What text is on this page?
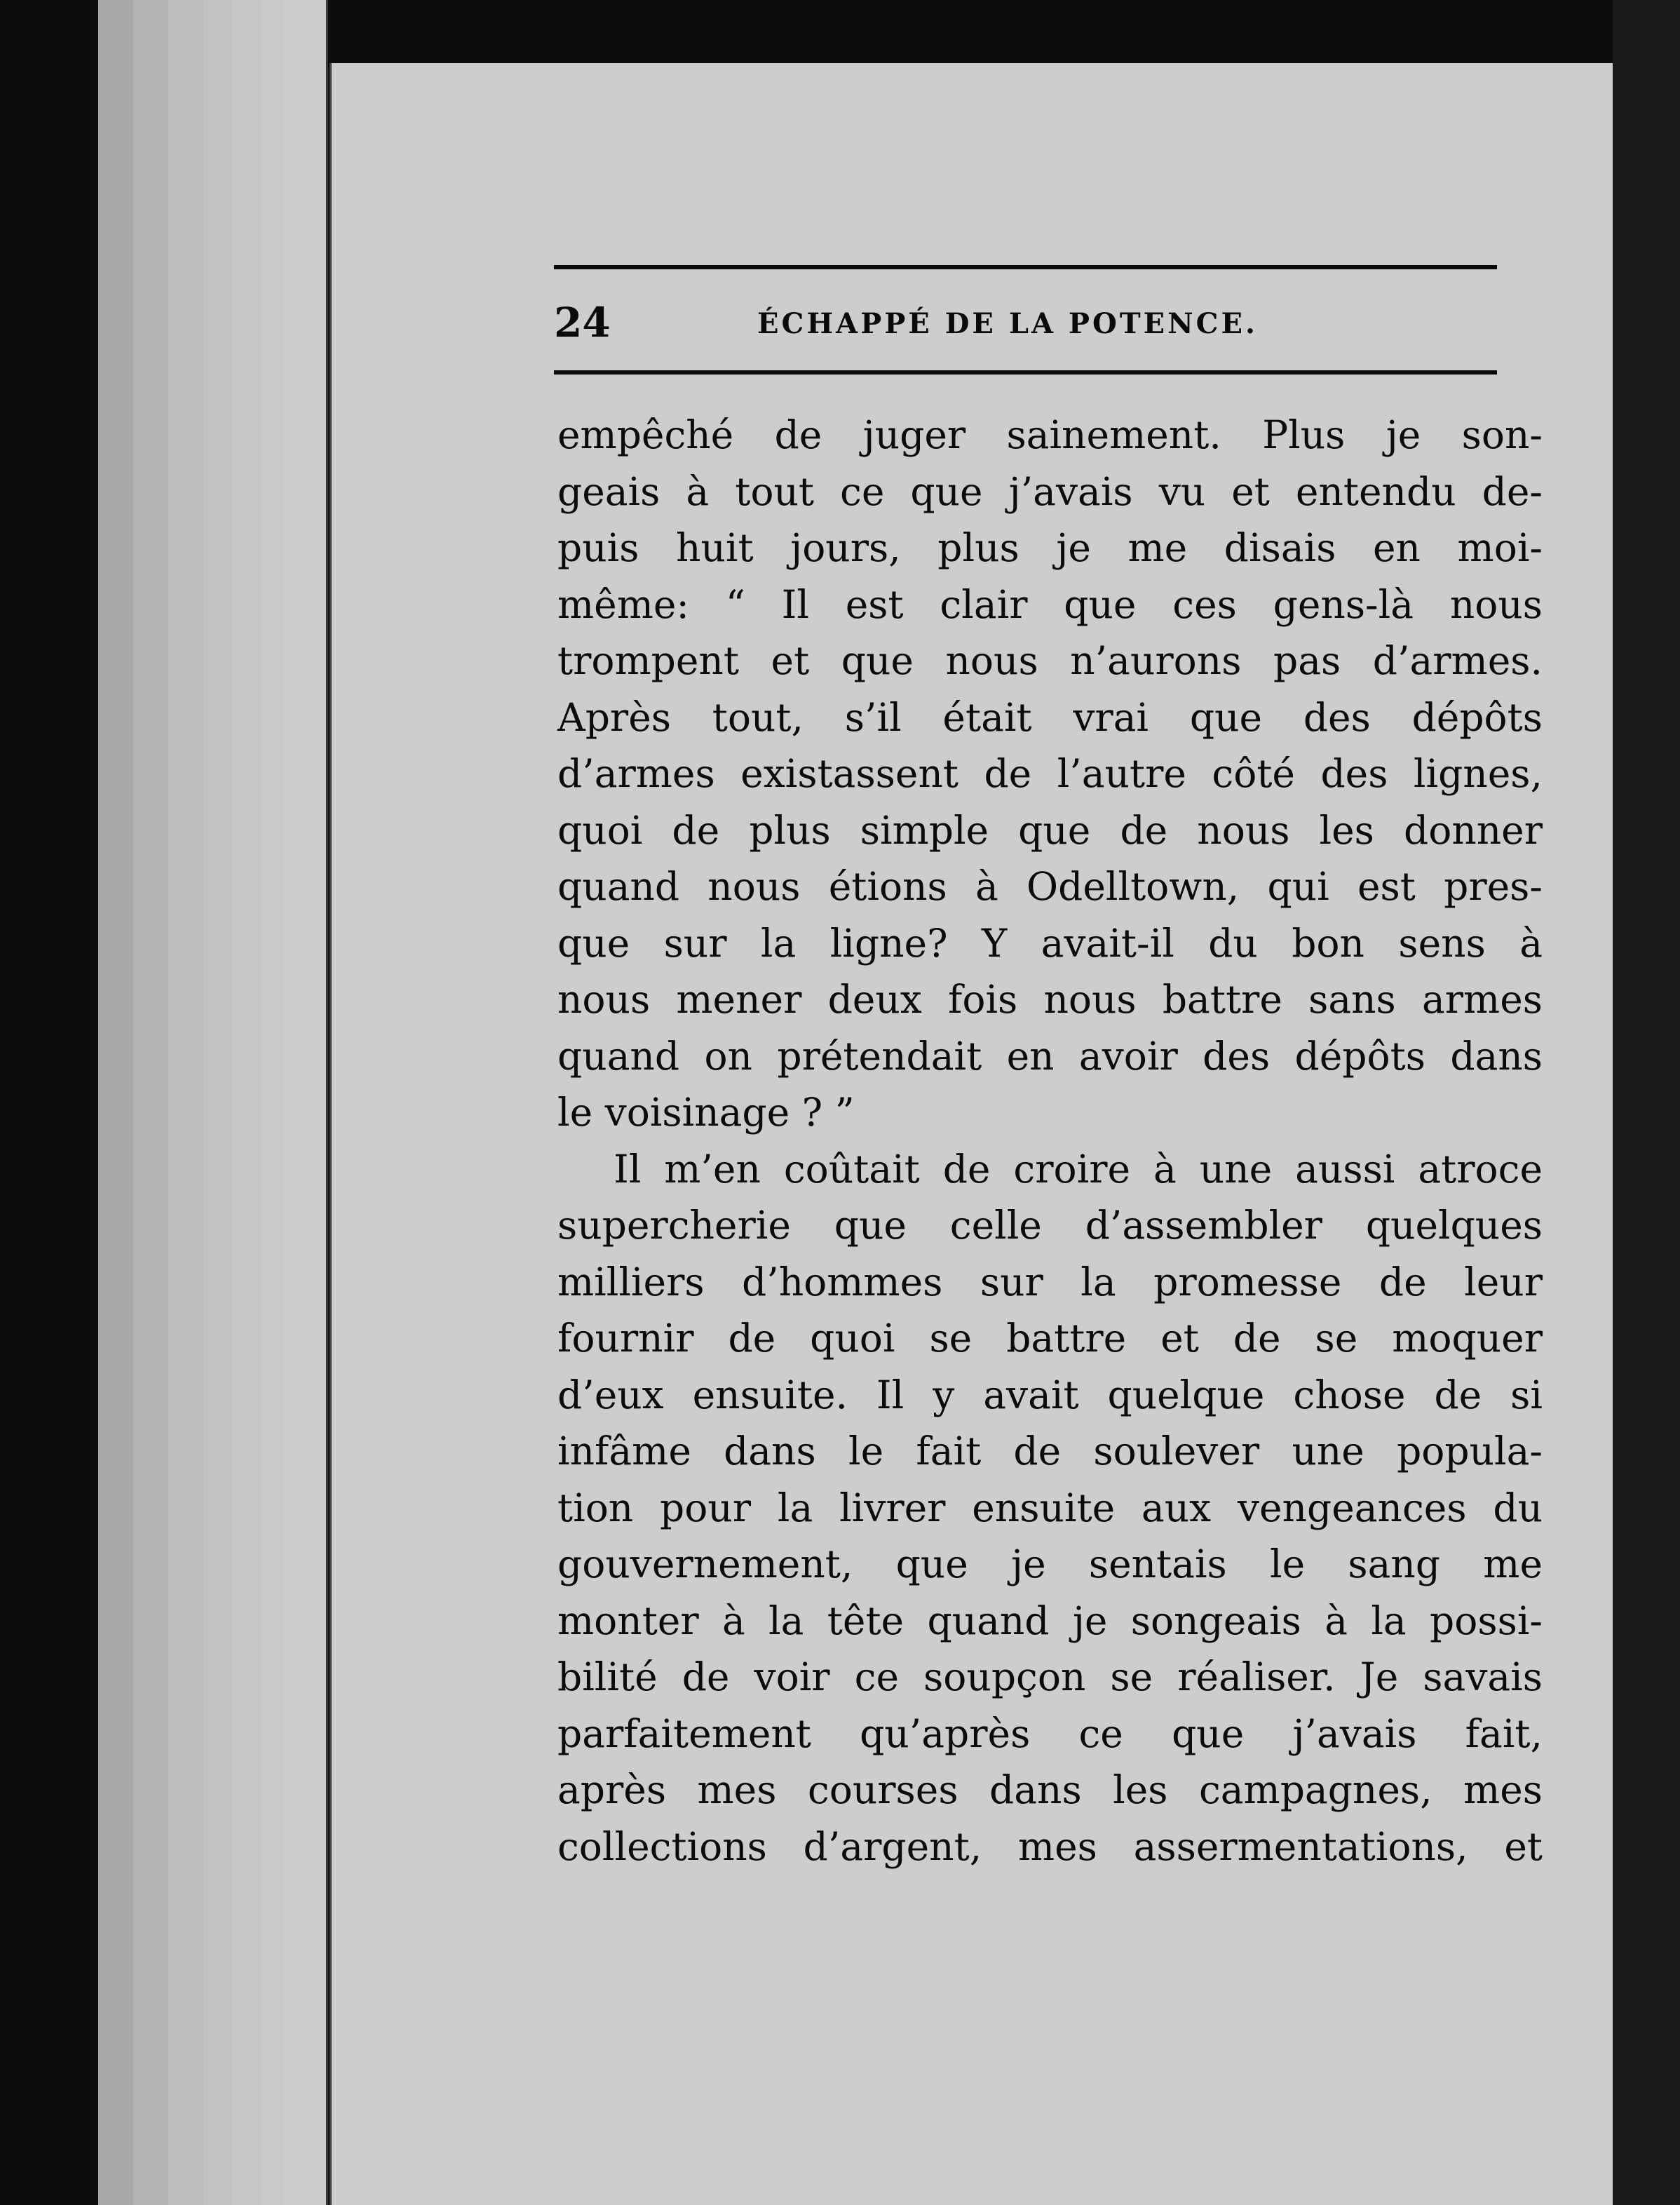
24	ÉCHAPPÉ DE LA POTENCE.
empêché de juger sainement. Plus je son-
geais à tout ce que j’avais vu et entendu de-
puis huit jours, plus je me disais en moi-
même: “ Il est clair que ces gens-là nous
trompent et que nous n’aurons pas d’armes.
Après tout, s’il était vrai que des dépôts
d’armes existassent de l’autre côté des lignes,
quoi de plus simple que de nous les donner
quand nous étions à Odelltown, qui est pres-
que sur la ligne? Y avait-il du bon sens à
nous mener deux fois nous battre sans armes
quand on prétendait en avoir des dépôts dans
le voisinage ? ”
Il m’en coûtait de croire à une aussi atroce
supercherie que celle d’assembler quelques
milliers d’hommes sur la promesse de leur
fournir de quoi se battre et de se moquer
d’eux ensuite. Il y avait quelque chose de si
infâme dans le fait de soulever une popula-
tion pour la livrer ensuite aux vengeances du
gouvernement, que je sentais le sang me
monter à la tête quand je songeais à la possi-
bilité de voir ce soupçon se réaliser. Je savais
parfaitement qu’après ce que j’avais fait,
après mes courses dans les campagnes, mes
collections d’argent, mes assermentations, et
